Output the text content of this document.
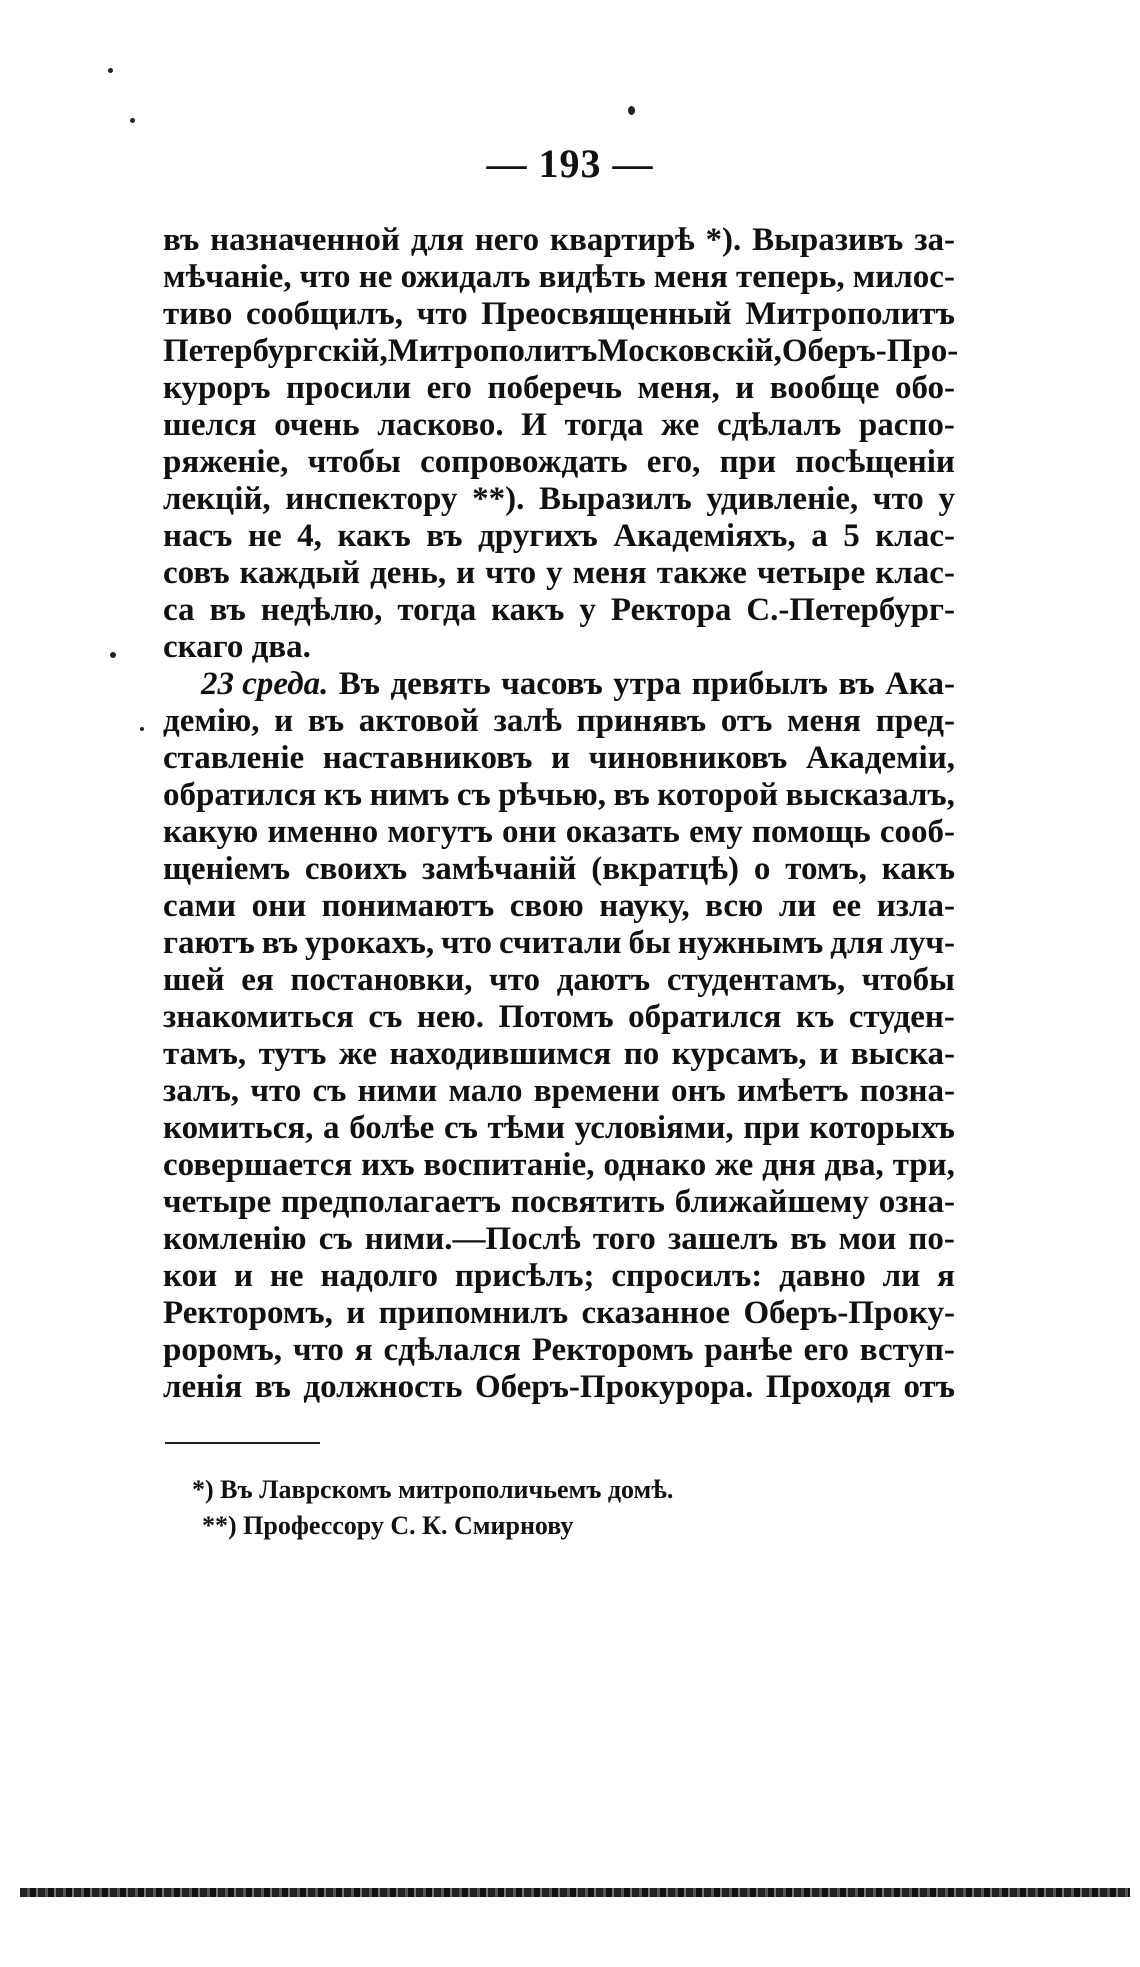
— 193 —
въ назначенной для него квартирѣ *). Выразивъ за-
мѣчаніе, что не ожидалъ видѣть меня теперь, милос-
тиво сообщилъ, что Преосвященный Митрополитъ
Петербургскій, Митрополитъ Московскій, Оберъ-Про-
куроръ просили его поберечь меня, и вообще обо-
шелся очень ласково. И тогда же сдѣлалъ распо-
ряженіе, чтобы сопровождать его, при посѣщеніи
лекцій, инспектору **). Выразилъ удивленіе, что у
насъ не 4, какъ въ другихъ Академіяхъ, а 5 клас-
совъ каждый день, и что у меня также четыре клас-
са въ недѣлю, тогда какъ у Ректора С.-Петербург-
скаго два.
23 среда. Въ девять часовъ утра прибылъ въ Ака-
демію, и въ актовой залѣ принявъ отъ меня пред-
ставленіе наставниковъ и чиновниковъ Академіи,
обратился къ нимъ съ рѣчью, въ которой высказалъ,
какую именно могутъ они оказать ему помощь сооб-
щеніемъ своихъ замѣчаній (вкратцѣ) о томъ, какъ
сами они понимаютъ свою науку, всю ли ее изла-
гаютъ въ урокахъ, что считали бы нужнымъ для луч-
шей ея постановки, что даютъ студентамъ, чтобы
знакомиться съ нею. Потомъ обратился къ студен-
тамъ, тутъ же находившимся по курсамъ, и выска-
залъ, что съ ними мало времени онъ имѣетъ позна-
комиться, а болѣе съ тѣми условіями, при которыхъ
совершается ихъ воспитаніе, однако же дня два, три,
четыре предполагаетъ посвятить ближайшему озна-
комленію съ ними.—Послѣ того зашелъ въ мои по-
кои и не надолго присѣлъ; спросилъ: давно ли я
Ректоромъ, и припомнилъ сказанное Оберъ-Проку-
роромъ, что я сдѣлался Ректоромъ ранѣе его вступ-
ленія въ должность Оберъ-Прокурора. Проходя отъ
*) Въ Лаврскомъ митрополичьемъ домѣ.
**) Профессору С. К. Смирнову
